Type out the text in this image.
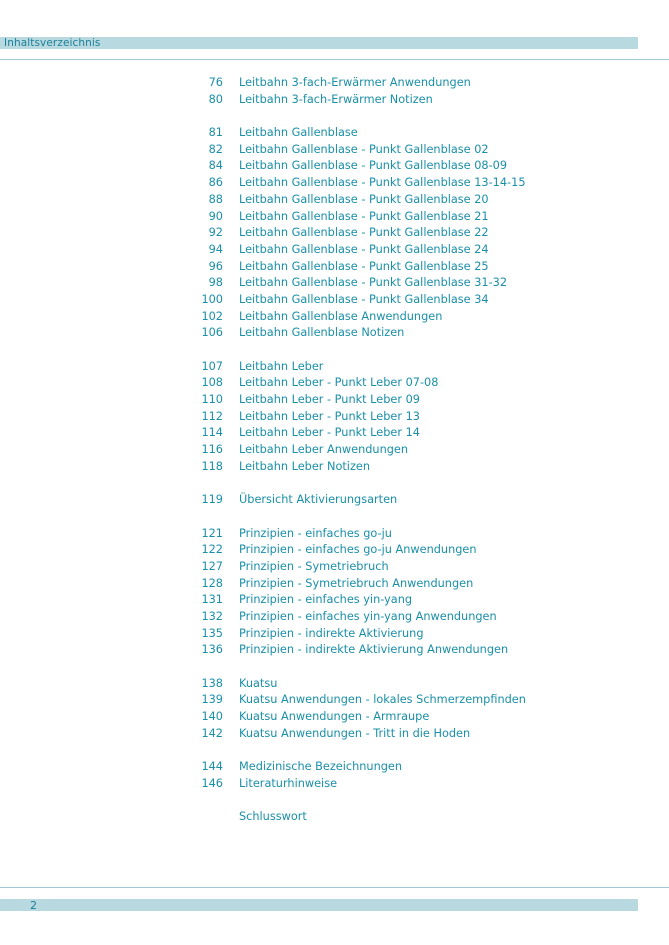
Inhaltsverzeichnis
76 Leitbahn 3-fach-Erwärmer Anwendungen
80 Leitbahn 3-fach-Erwärmer Notizen
81 Leitbahn Gallenblase
82 Leitbahn Gallenblase - Punkt Gallenblase 02
84 Leitbahn Gallenblase - Punkt Gallenblase 08-09
86 Leitbahn Gallenblase - Punkt Gallenblase 13-14-15
88 Leitbahn Gallenblase - Punkt Gallenblase 20
90 Leitbahn Gallenblase - Punkt Gallenblase 21
92 Leitbahn Gallenblase - Punkt Gallenblase 22
94 Leitbahn Gallenblase - Punkt Gallenblase 24
96 Leitbahn Gallenblase - Punkt Gallenblase 25
98 Leitbahn Gallenblase - Punkt Gallenblase 31-32
100 Leitbahn Gallenblase - Punkt Gallenblase 34
102 Leitbahn Gallenblase Anwendungen
106 Leitbahn Gallenblase Notizen
107 Leitbahn Leber
108 Leitbahn Leber - Punkt Leber 07-08
110 Leitbahn Leber - Punkt Leber 09
112 Leitbahn Leber - Punkt Leber 13
114 Leitbahn Leber - Punkt Leber 14
116 Leitbahn Leber Anwendungen
118 Leitbahn Leber Notizen
119 Übersicht Aktivierungsarten
121 Prinzipien - einfaches go-ju
122 Prinzipien - einfaches go-ju Anwendungen
127 Prinzipien - Symetriebruch
128 Prinzipien - Symetriebruch Anwendungen
131 Prinzipien - einfaches yin-yang
132 Prinzipien - einfaches yin-yang Anwendungen
135 Prinzipien - indirekte Aktivierung
136 Prinzipien - indirekte Aktivierung Anwendungen
138 Kuatsu
139 Kuatsu Anwendungen - lokales Schmerzempfinden
140 Kuatsu Anwendungen - Armraupe
142 Kuatsu Anwendungen - Tritt in die Hoden
144 Medizinische Bezeichnungen
146 Literaturhinweise
Schlusswort
2
